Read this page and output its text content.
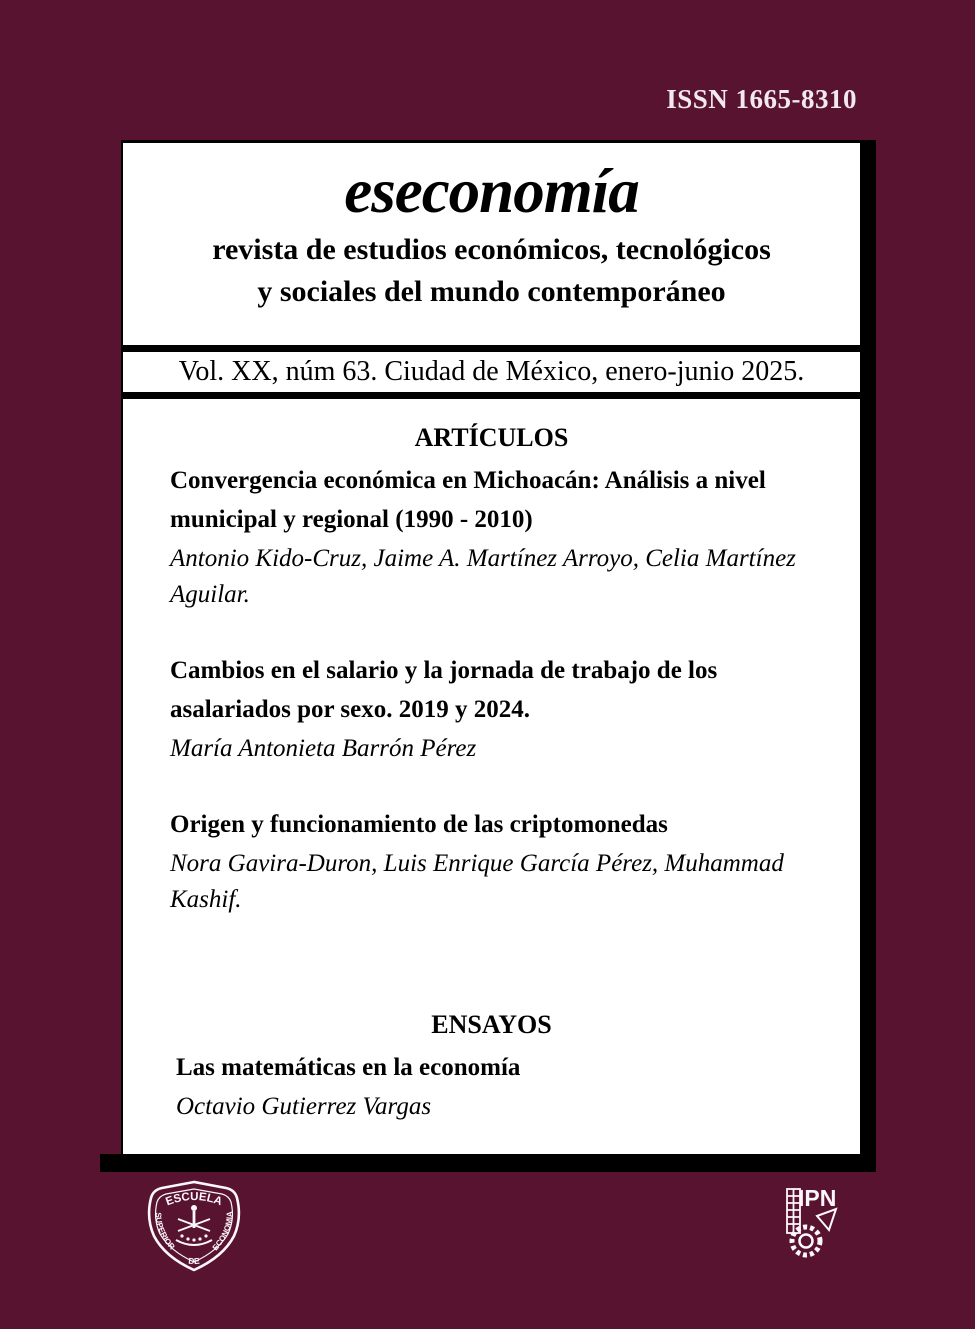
ISSN 1665-8310
eseconomía
revista de estudios económicos, tecnológicos
y sociales del mundo contemporáneo
Vol. XX, núm 63. Ciudad de México, enero-junio 2025.
ARTÍCULOS
Convergencia económica en Michoacán: Análisis a nivel municipal y regional (1990 - 2010)
Antonio Kido-Cruz, Jaime A. Martínez Arroyo, Celia Martínez Aguilar.
Cambios en el salario y la jornada de trabajo de los asalariados por sexo. 2019 y 2024.
María Antonieta Barrón Pérez
Origen y funcionamiento de las criptomonedas
Nora Gavira-Duron, Luis Enrique García Pérez, Muhammad Kashif.
ENSAYOS
Las matemáticas en la economía
Octavio Gutierrez Vargas
ESCUELA
SUPERIOR	ECONOMIA
DE
IPN
